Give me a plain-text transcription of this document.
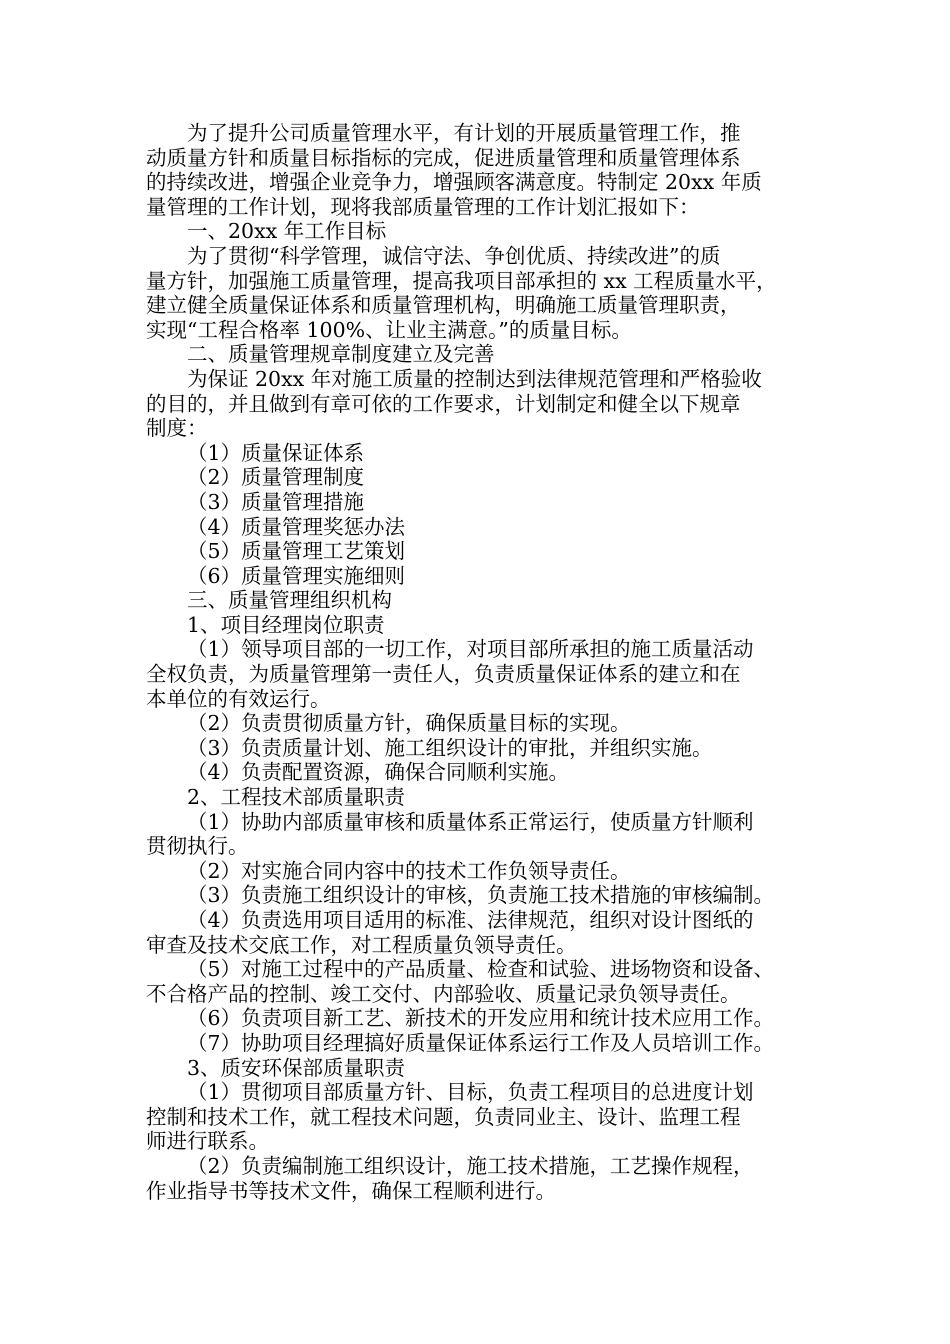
为了提升公司质量管理水平，有计划的开展质量管理工作，推
动质量方针和质量目标指标的完成，促进质量管理和质量管理体系
的持续改进，增强企业竞争力，增强顾客满意度。特制定 20xx 年质
量管理的工作计划，现将我部质量管理的工作计划汇报如下：
一、20xx 年工作目标
为了贯彻“科学管理，诚信守法、争创优质、持续改进”的质
量方针，加强施工质量管理，提高我项目部承担的 xx 工程质量水平，
建立健全质量保证体系和质量管理机构，明确施工质量管理职责，
实现“工程合格率 100%、让业主满意。”的质量目标。
二、质量管理规章制度建立及完善
为保证 20xx 年对施工质量的控制达到法律规范管理和严格验收
的目的，并且做到有章可依的工作要求，计划制定和健全以下规章
制度：
（1）质量保证体系
（2）质量管理制度
（3）质量管理措施
（4）质量管理奖惩办法
（5）质量管理工艺策划
（6）质量管理实施细则
三、质量管理组织机构
1、项目经理岗位职责
（1）领导项目部的一切工作，对项目部所承担的施工质量活动
全权负责，为质量管理第一责任人，负责质量保证体系的建立和在
本单位的有效运行。
（2）负责贯彻质量方针，确保质量目标的实现。
（3）负责质量计划、施工组织设计的审批，并组织实施。
（4）负责配置资源，确保合同顺利实施。
2、工程技术部质量职责
（1）协助内部质量审核和质量体系正常运行，使质量方针顺利
贯彻执行。
（2）对实施合同内容中的技术工作负领导责任。
（3）负责施工组织设计的审核，负责施工技术措施的审核编制。
（4）负责选用项目适用的标准、法律规范，组织对设计图纸的
审查及技术交底工作，对工程质量负领导责任。
（5）对施工过程中的产品质量、检查和试验、进场物资和设备、
不合格产品的控制、竣工交付、内部验收、质量记录负领导责任。
（6）负责项目新工艺、新技术的开发应用和统计技术应用工作。
（7）协助项目经理搞好质量保证体系运行工作及人员培训工作。
3、质安环保部质量职责
（1）贯彻项目部质量方针、目标，负责工程项目的总进度计划
控制和技术工作，就工程技术问题，负责同业主、设计、监理工程
师进行联系。
（2）负责编制施工组织设计，施工技术措施，工艺操作规程，
作业指导书等技术文件，确保工程顺利进行。
